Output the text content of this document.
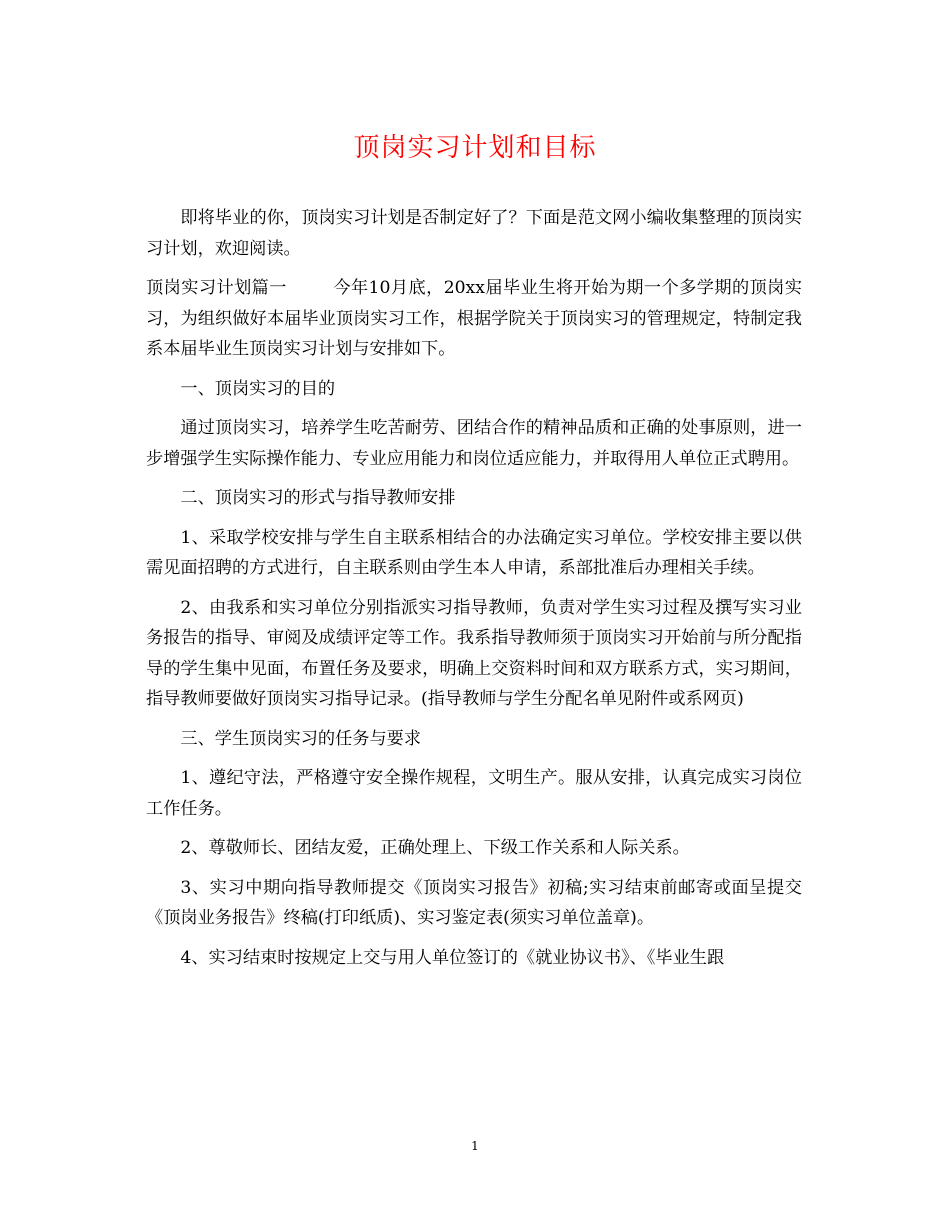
顶岗实习计划和目标

即将毕业的你，顶岗实习计划是否制定好了？下面是范文网小编收集整理的顶岗实习计划，欢迎阅读。

顶岗实习计划篇一	今年10月底，20xx届毕业生将开始为期一个多学期的顶岗实习，为组织做好本届毕业顶岗实习工作，根据学院关于顶岗实习的管理规定，特制定我系本届毕业生顶岗实习计划与安排如下。

一、顶岗实习的目的

通过顶岗实习，培养学生吃苦耐劳、团结合作的精神品质和正确的处事原则，进一步增强学生实际操作能力、专业应用能力和岗位适应能力，并取得用人单位正式聘用。

二、顶岗实习的形式与指导教师安排

1、采取学校安排与学生自主联系相结合的办法确定实习单位。学校安排主要以供需见面招聘的方式进行，自主联系则由学生本人申请，系部批准后办理相关手续。

2、由我系和实习单位分别指派实习指导教师，负责对学生实习过程及撰写实习业务报告的指导、审阅及成绩评定等工作。我系指导教师须于顶岗实习开始前与所分配指导的学生集中见面，布置任务及要求，明确上交资料时间和双方联系方式，实习期间，指导教师要做好顶岗实习指导记录。(指导教师与学生分配名单见附件或系网页)

三、学生顶岗实习的任务与要求

1、遵纪守法，严格遵守安全操作规程，文明生产。服从安排，认真完成实习岗位工作任务。

2、尊敬师长、团结友爱，正确处理上、下级工作关系和人际关系。

3、实习中期向指导教师提交《顶岗实习报告》初稿;实习结束前邮寄或面呈提交《顶岗业务报告》终稿(打印纸质)、实习鉴定表(须实习单位盖章)。

4、实习结束时按规定上交与用人单位签订的《就业协议书》、《毕业生跟

1
